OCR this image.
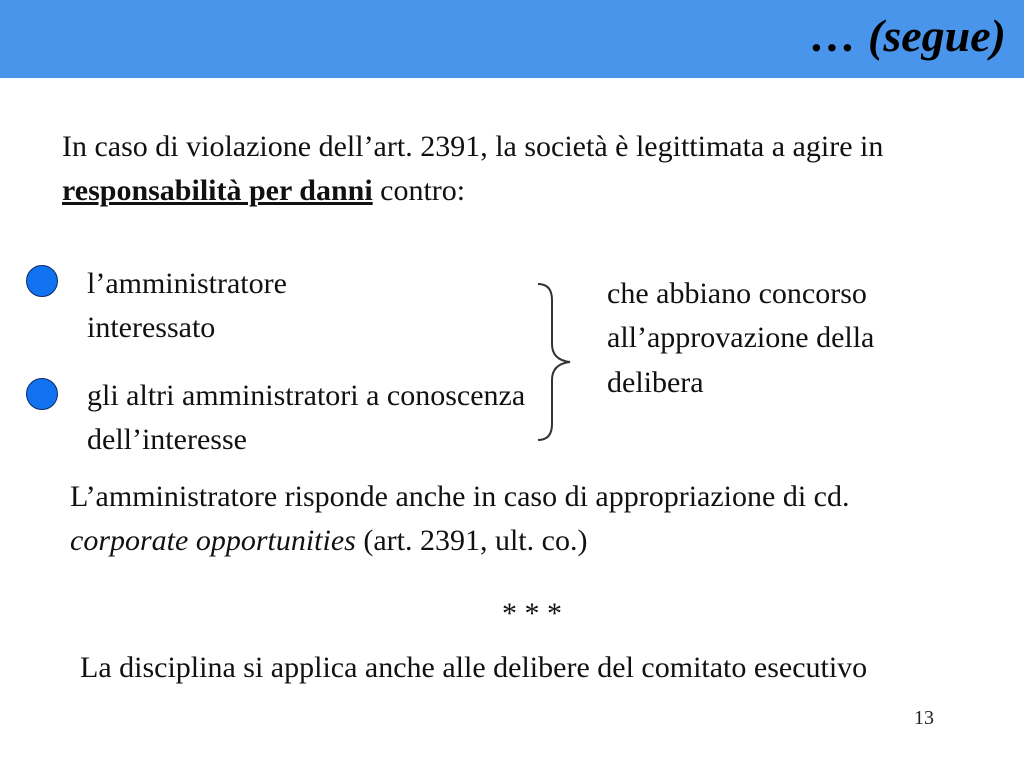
… (segue)
In caso di violazione dell’art. 2391, la società è legittimata a agire in responsabilità per danni contro:
l’amministratore interessato
gli altri amministratori a conoscenza dell’interesse
che abbiano concorso all’approvazione della delibera
L’amministratore risponde anche in caso di appropriazione di cd. corporate opportunities (art. 2391, ult. co.)
* * *
La disciplina si applica anche alle delibere del comitato esecutivo
13
